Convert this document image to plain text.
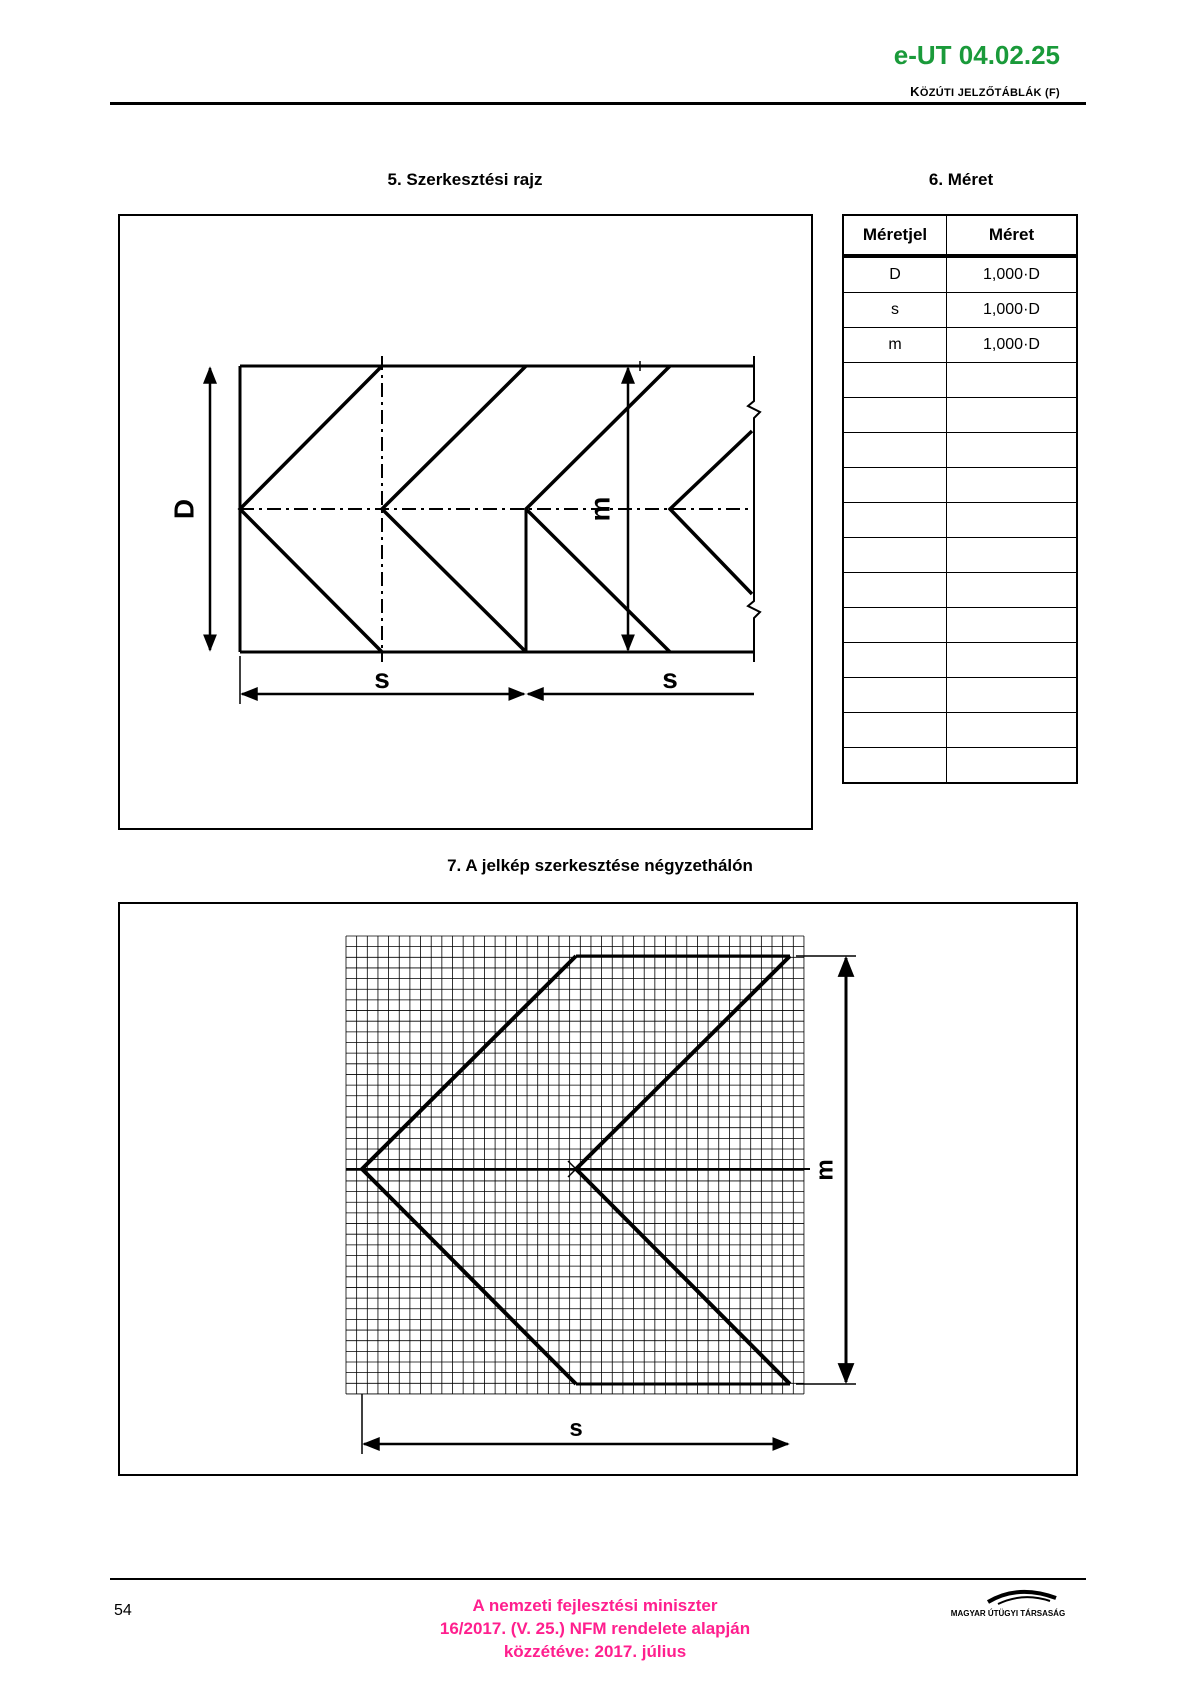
e-UT 04.02.25
KÖZÚTI JELZŐTÁBLÁK (F)
5. Szerkesztési rajz	6. Méret
7. A jelkép szerkesztése négyzethálón
D	m
s	s
Méretjel	Méret
D	1,000·D
s	1,000·D
m	1,000·D

m
s
54	A nemzeti fejlesztési miniszter
16/2017. (V. 25.) NFM rendelete alapján
közzétéve: 2017. július
MAGYAR ÚTÜGYI TÁRSASÁG
